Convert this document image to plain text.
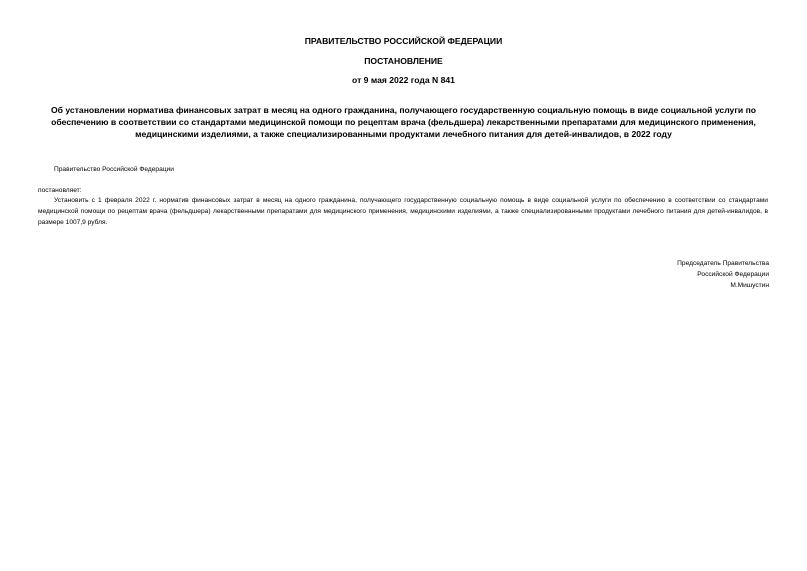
ПРАВИТЕЛЬСТВО РОССИЙСКОЙ ФЕДЕРАЦИИ
ПОСТАНОВЛЕНИЕ
от 9 мая 2022 года N 841
Об установлении норматива финансовых затрат в месяц на одного гражданина, получающего государственную социальную помощь в виде социальной услуги по обеспечению в соответствии со стандартами медицинской помощи по рецептам врача (фельдшера) лекарственными препаратами для медицинского применения, медицинскими изделиями, а также специализированными продуктами лечебного питания для детей-инвалидов, в 2022 году
Правительство Российской Федерации
постановляет:
Установить с 1 февраля 2022 г. норматив финансовых затрат в месяц на одного гражданина, получающего государственную социальную помощь в виде социальной услуги по обеспечению в соответствии со стандартами медицинской помощи по рецептам врача (фельдшера) лекарственными препаратами для медицинского применения, медицинскими изделиями, а также специализированными продуктами лечебного питания для детей-инвалидов, в размере 1007,9 рубля.
Председатель Правительства
Российской Федерации
М.Мишустин
